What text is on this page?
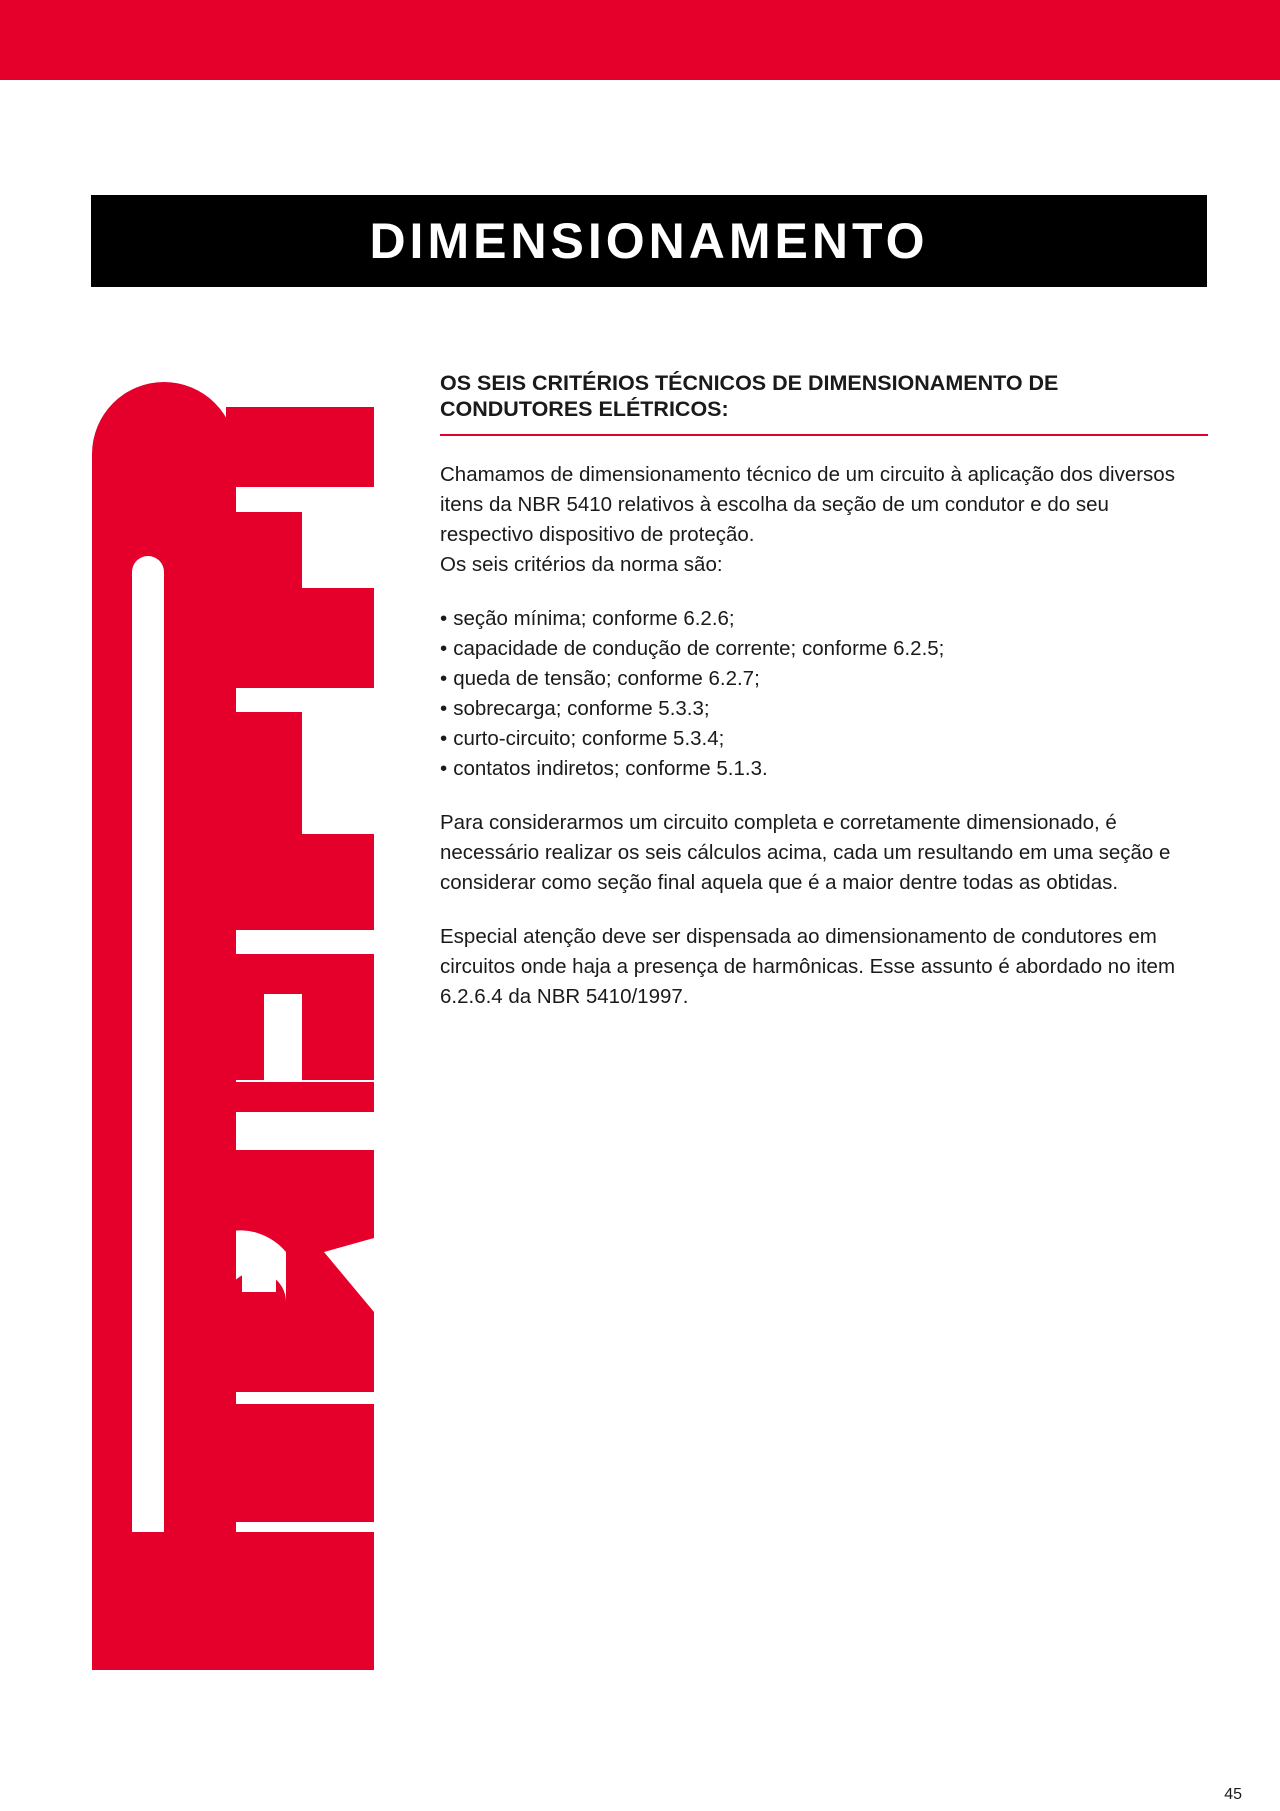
DIMENSIONAMENTO
OS SEIS CRITÉRIOS TÉCNICOS DE DIMENSIONAMENTO DE
CONDUTORES ELÉTRICOS:

Chamamos de dimensionamento técnico de um circuito à aplicação dos diversos itens da NBR 5410 relativos à escolha da seção de um condutor e do seu respectivo dispositivo de proteção.

Os seis critérios da norma são:

• seção mínima; conforme 6.2.6;
• capacidade de condução de corrente; conforme 6.2.5;
• queda de tensão; conforme 6.2.7;
• sobrecarga; conforme 5.3.3;
• curto-circuito; conforme 5.3.4;
• contatos indiretos; conforme 5.1.3.

Para considerarmos um circuito completa e corretamente dimensionado, é necessário realizar os seis cálculos acima, cada um resultando em uma seção e considerar como seção final aquela que é a maior dentre todas as obtidas.

Especial atenção deve ser dispensada ao dimensionamento de condutores em circuitos onde haja a presença de harmônicas. Esse assunto é abordado no item 6.2.6.4 da NBR 5410/1997.

45
